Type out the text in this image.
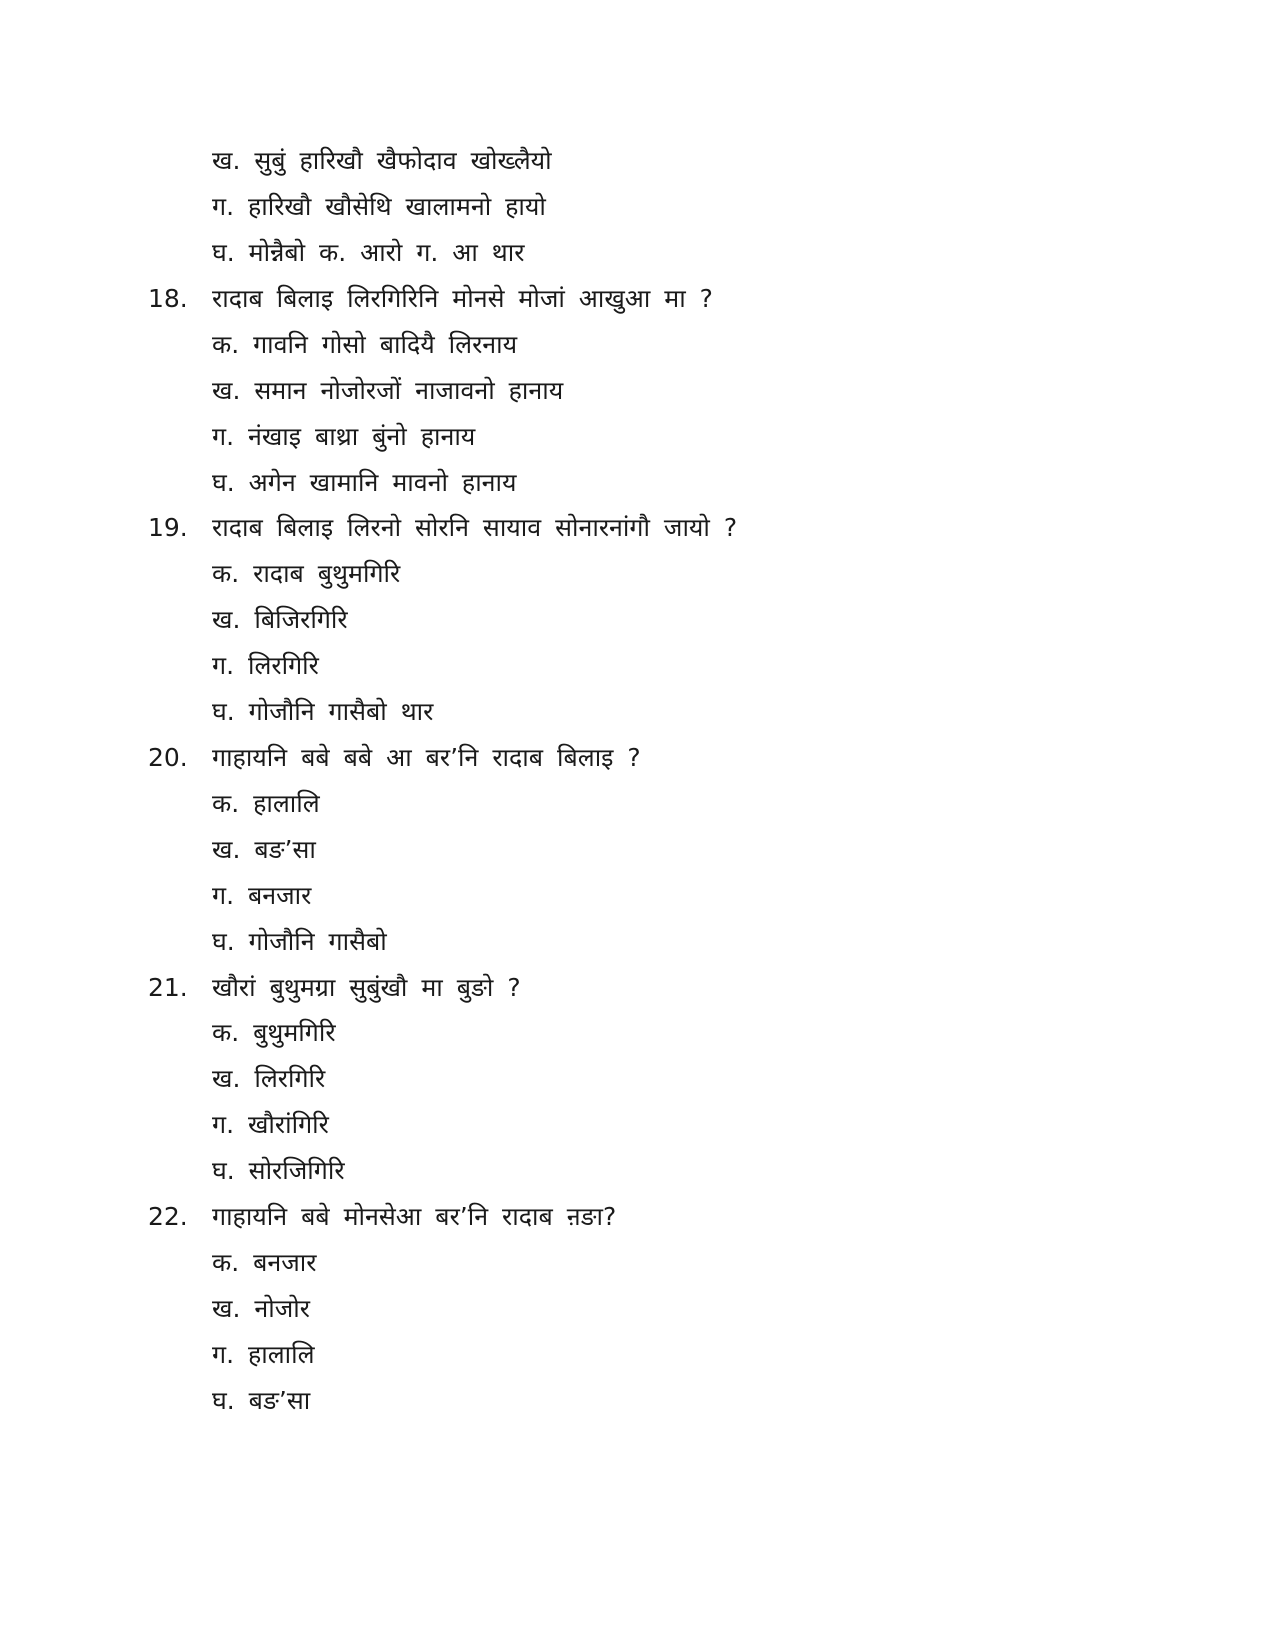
ख. सुबुं हारिखौ खैफोदाव खोख्लैयो
ग. हारिखौ खौसेथि खालामनो हायो
घ. मोन्नैबो क. आरो ग. आ थार
18. रादाब बिलाइ लिरगिरिनि मोनसे मोजां आखुआ मा ?
क. गावनि गोसो बादियै लिरनाय
ख. समान नोजोरजों नाजावनो हानाय
ग. नंखाइ बाथ्रा बुंनो हानाय
घ. अगेन खामानि मावनो हानाय
19. रादाब बिलाइ लिरनो सोरनि सायाव सोनारनांगौ जायो ?
क. रादाब बुथुमगिरि
ख. बिजिरगिरि
ग. लिरगिरि
घ. गोजौनि गासैबो थार
20. गाहायनि बबे बबे आ बर’नि रादाब बिलाइ ?
क. हालालि
ख. बङ’सा
ग. बनजार
घ. गोजौनि गासैबो
21. खौरां बुथुमग्रा सुबुंखौ मा बुङो ?
क. बुथुमगिरि
ख. लिरगिरि
ग. खौरांगिरि
घ. सोरजिगिरि
22. गाहायनि बबे मोनसेआ बर’नि रादाब ऩङा?
क. बनजार
ख. नोजोर
ग. हालालि
घ. बङ’सा
